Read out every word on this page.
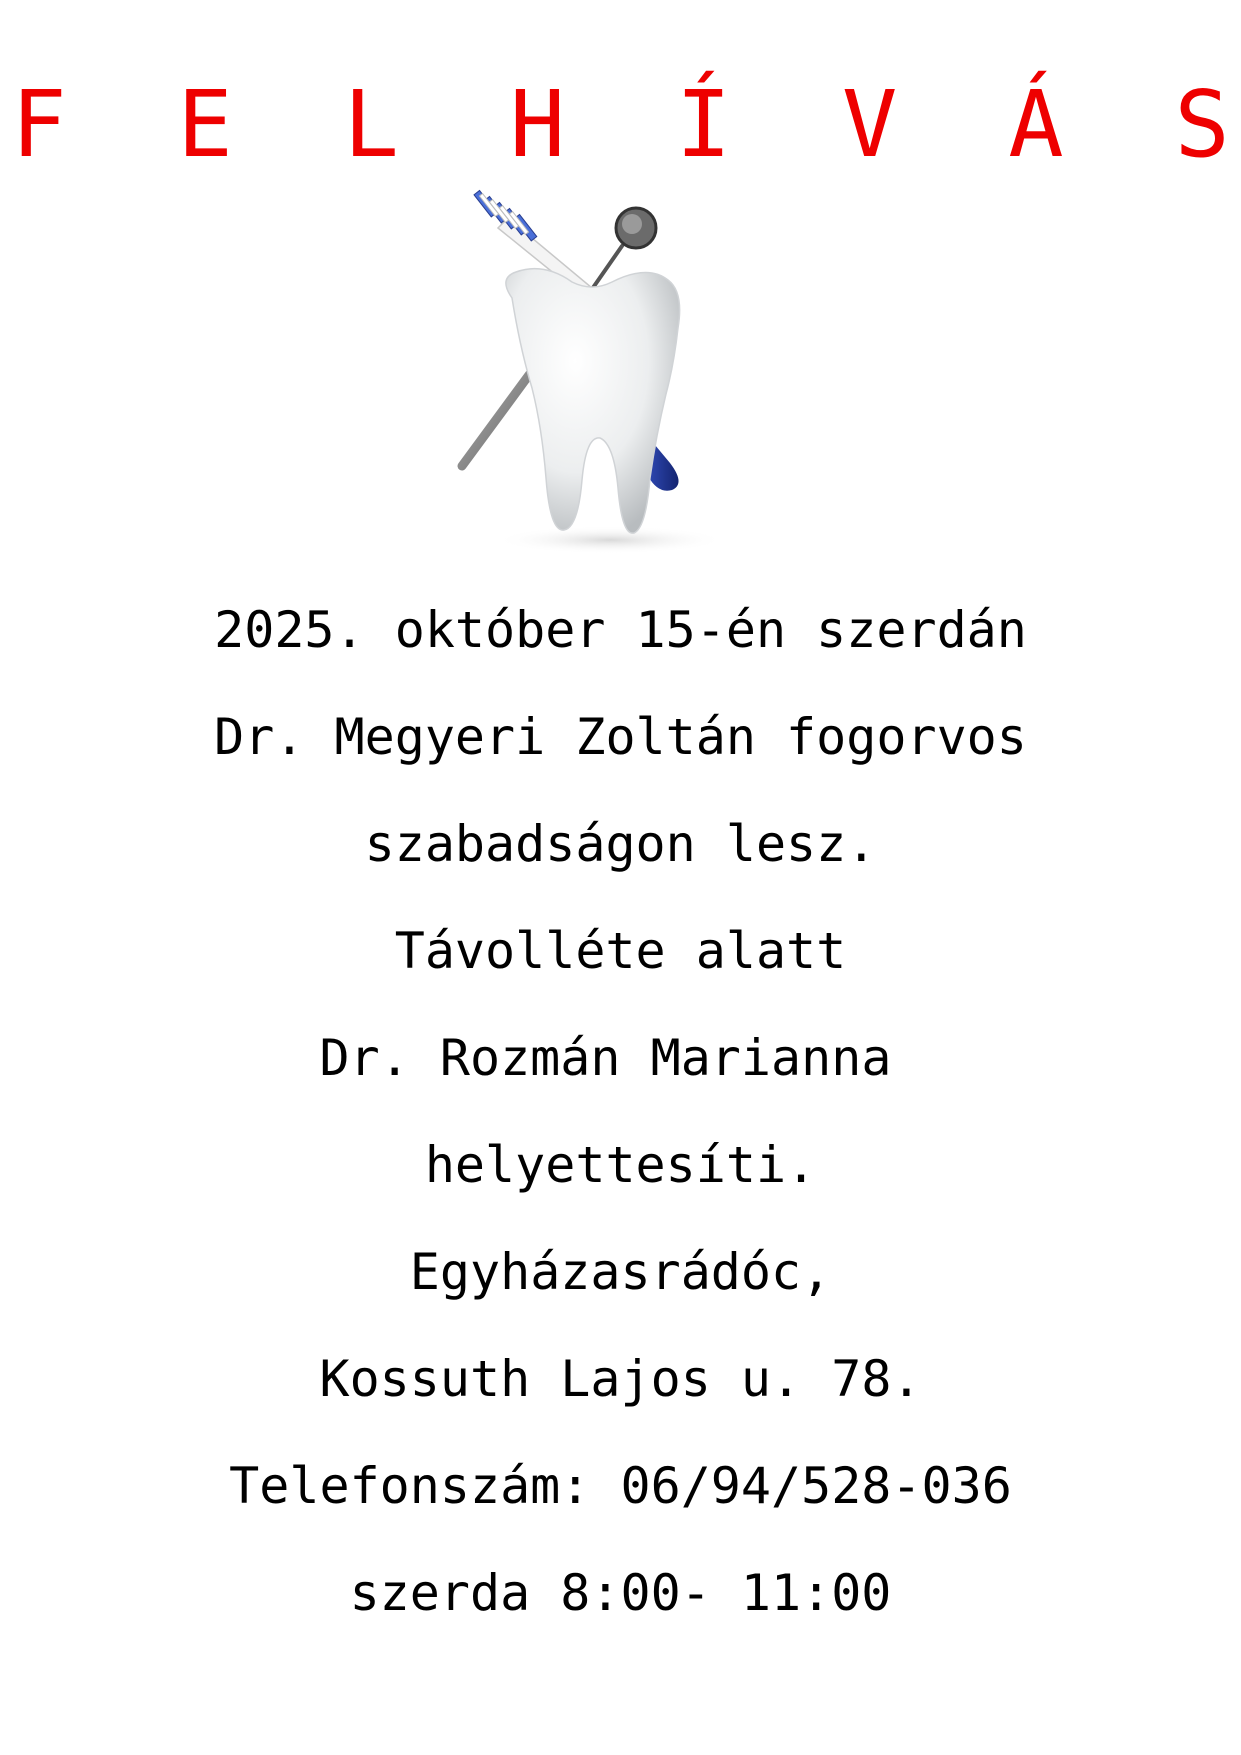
F  E  L  H  Í  V  Á  S
2025. október 15-én szerdán
Dr. Megyeri Zoltán fogorvos
szabadságon lesz.
Távolléte alatt
Dr. Rozmán Marianna
helyettesíti.
Egyházasrádóc,
Kossuth Lajos u. 78.
Telefonszám: 06/94/528-036
szerda 8:00- 11:00
